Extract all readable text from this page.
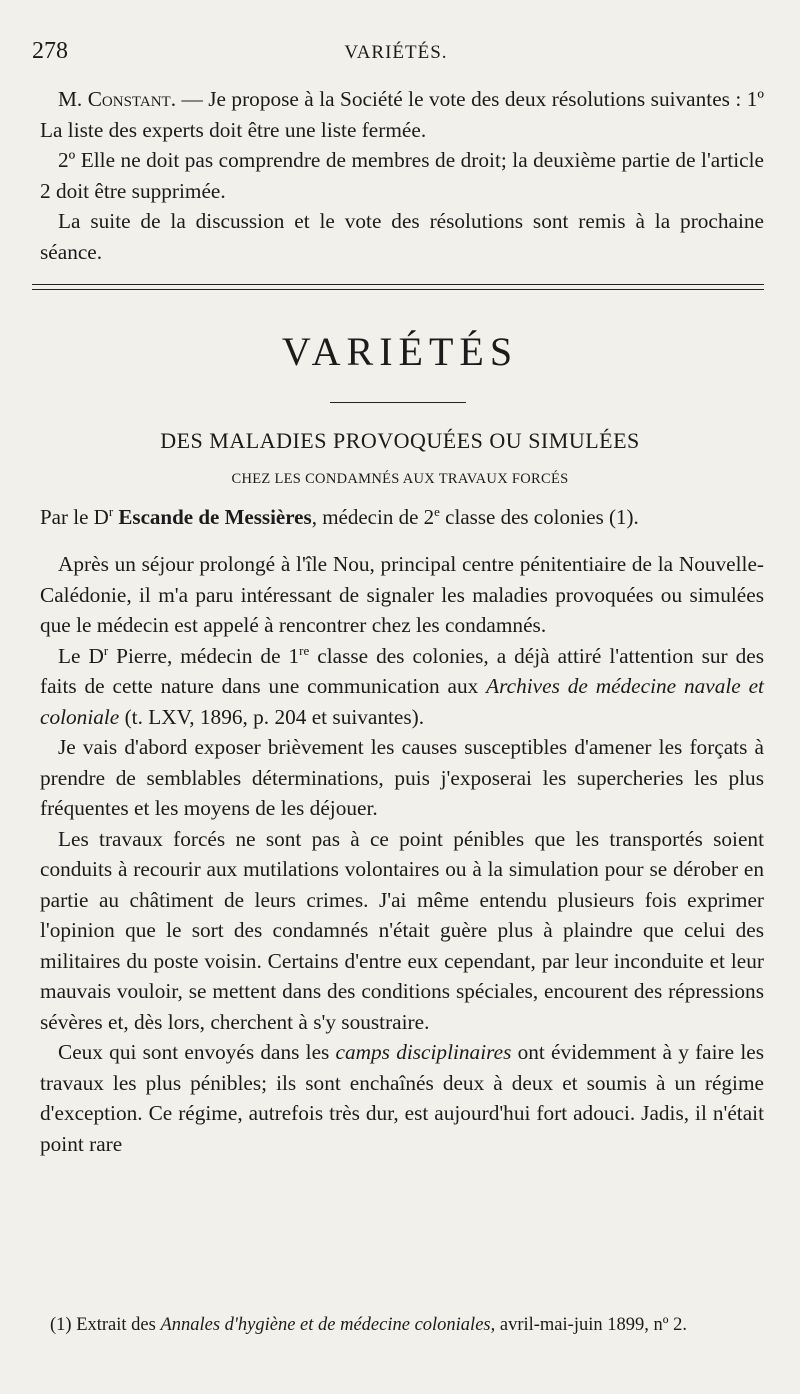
278	VARIÉTÉS.

M. Constant. — Je propose à la Société le vote des deux résolutions suivantes : 1º La liste des experts doit être une liste fermée.

2º Elle ne doit pas comprendre de membres de droit; la deuxième partie de l'article 2 doit être supprimée.

La suite de la discussion et le vote des résolutions sont remis à la prochaine séance.

VARIÉTÉS
DES MALADIES PROVOQUÉES OU SIMULÉES
CHEZ LES CONDAMNÉS AUX TRAVAUX FORCÉS
Par le $D^r$ Escande de Messières, médecin de 2e classe des colonies (1).

Après un séjour prolongé à l'île Nou, principal centre pénitentiaire de la Nouvelle-Calédonie, il m'a paru intéressant de signaler les maladies provoquées ou simulées que le médecin est appelé à rencontrer chez les condamnés.

Le $D^r$ Pierre, médecin de 1re classe des colonies, a déjà attiré l'attention sur des faits de cette nature dans une communication aux Archives de médecine navale et coloniale (t. LXV, 1896, p. 204 et suivantes).

Je vais d'abord exposer brièvement les causes susceptibles d'amener les forçats à prendre de semblables déterminations, puis j'exposerai les supercheries les plus fréquentes et les moyens de les déjouer.

Les travaux forcés ne sont pas à ce point pénibles que les transportés soient conduits à recourir aux mutilations volontaires ou à la simulation pour se dérober en partie au châtiment de leurs crimes. J'ai même entendu plusieurs fois exprimer l'opinion que le sort des condamnés n'était guère plus à plaindre que celui des militaires du poste voisin. Certains d'entre eux cependant, par leur inconduite et leur mauvais vouloir, se mettent dans des conditions spéciales, encourent des répressions sévères et, dès lors, cherchent à s'y soustraire.

Ceux qui sont envoyés dans les camps disciplinaires ont évidemment à y faire les travaux les plus pénibles; ils sont enchaînés deux à deux et soumis à un régime d'exception. Ce régime, autrefois très dur, est aujourd'hui fort adouci. Jadis, il n'était point rare

(1) Extrait des Annales d'hygiène et de médecine coloniales, avril-mai-juin 1899, nº 2.
